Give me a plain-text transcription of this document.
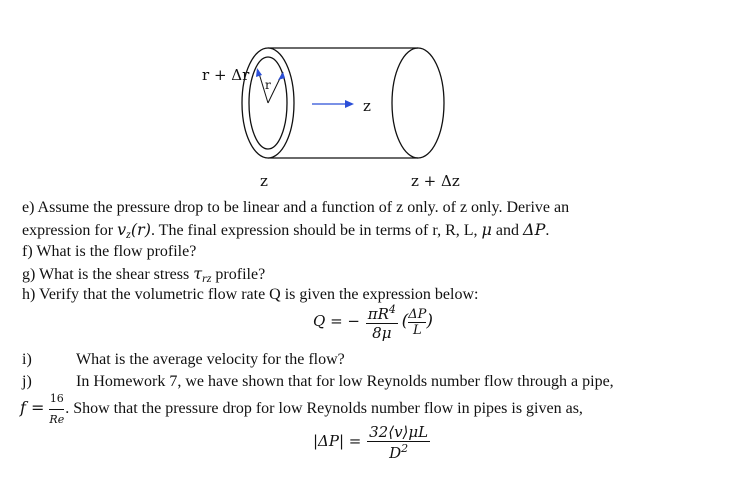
r + Δr
r
z
z	z + Δz
e) Assume the pressure drop to be linear and a function of z only. of z only. Derive an
expression for $v_z(r)$. The final expression should be in terms of r, R, L, μ and ΔP.
f) What is the flow profile?
g) What is the shear stress $\tau_{rz}$ profile?
h) Verify that the volumetric flow rate Q is given the expression below:
Q = − $\frac{\pi R^4}{8\mu}$ ( $\frac{\Delta P}{L}$ )
i)	What is the average velocity for the flow?
j)	In Homework 7, we have shown that for low Reynolds number flow through a pipe,
$f = \frac{16}{Re}$ . Show that the pressure drop for low Reynolds number flow in pipes is given as,
$|\Delta P| = \frac{32⟨v⟩\mu L}{D^2}$
